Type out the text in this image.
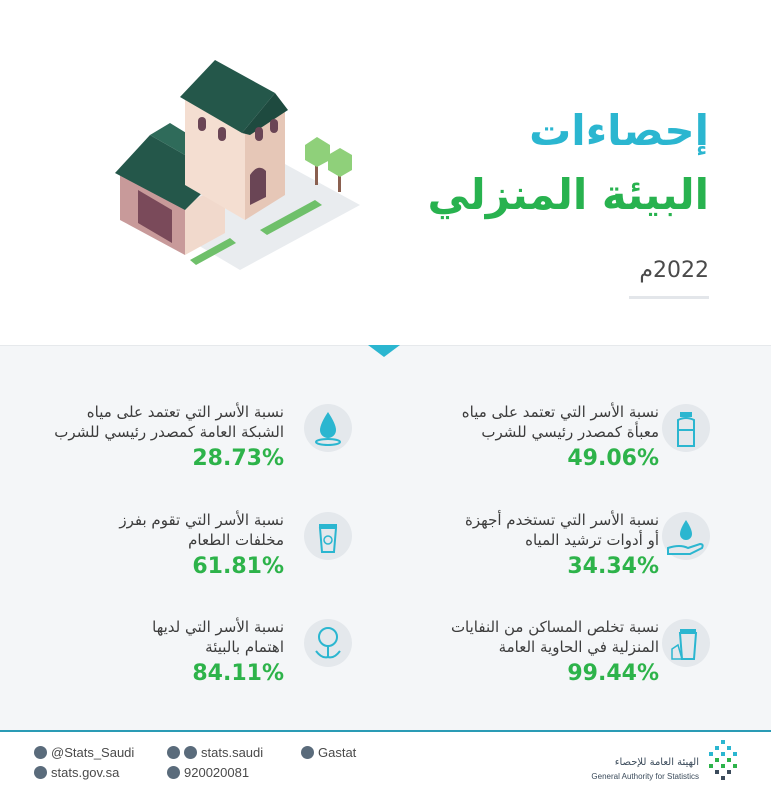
إحصاءات
البيئة المنزلي
2022م
نسبة الأسر التي تعتمد على مياه
معبأة كمصدر رئيسي للشرب
49.06%
نسبة الأسر التي تعتمد على مياه
الشبكة العامة كمصدر رئيسي للشرب
28.73%
نسبة الأسر التي تستخدم أجهزة
أو أدوات ترشيد المياه
34.34%
نسبة الأسر التي تقوم بفرز
مخلفات الطعام
61.81%
نسبة تخلص المساكن من النفايات
المنزلية في الحاوية العامة
99.44%
نسبة الأسر التي لديها
اهتمام بالبيئة
84.11%
@Stats_Saudi
stats.gov.sa
stats.saudi
920020081
Gastat
الهيئة العامة للإحصاء
General Authority for Statistics
